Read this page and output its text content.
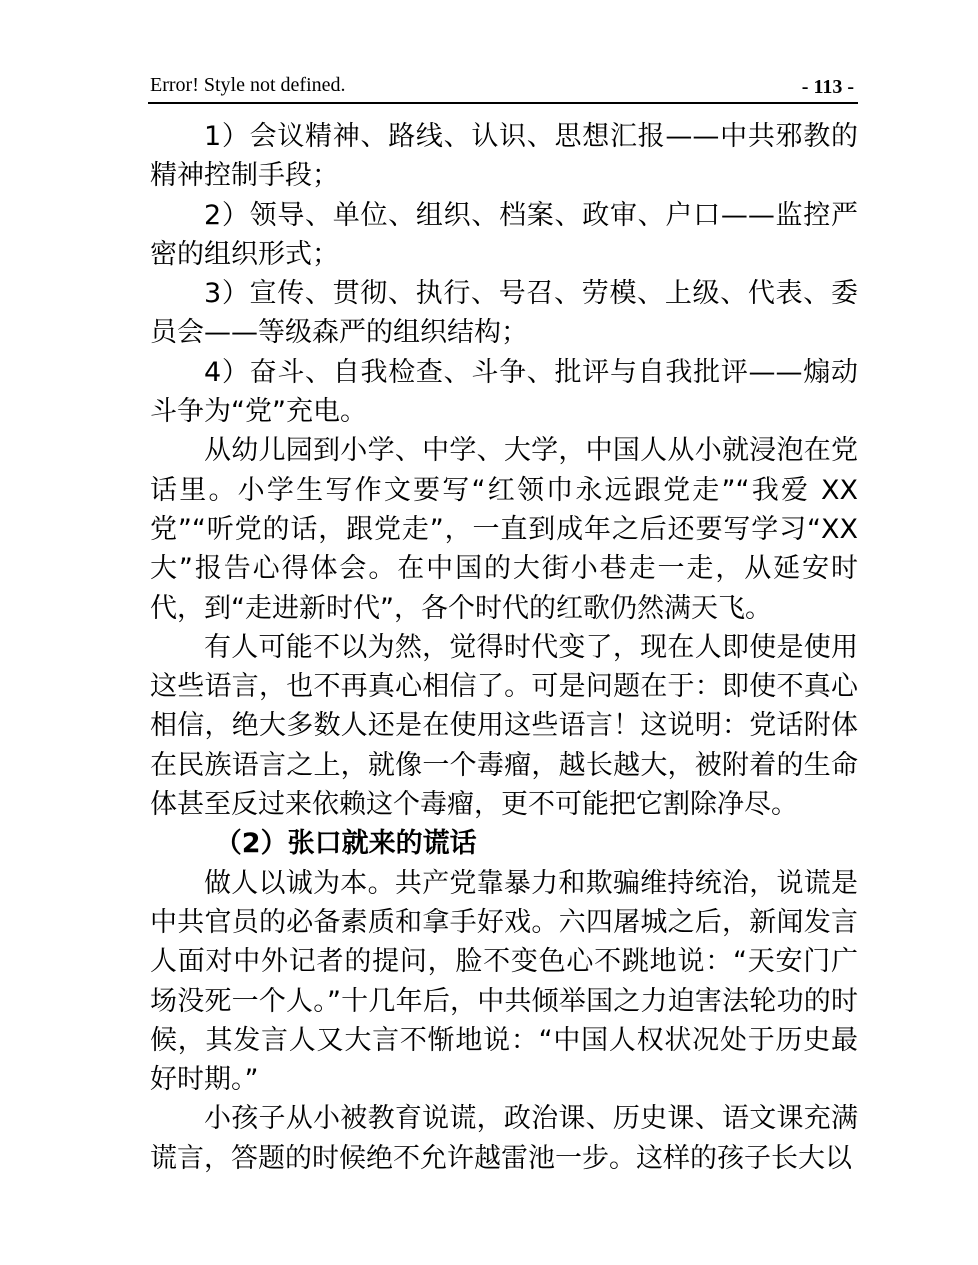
Error! Style not defined.	- 113 -

1）会议精神、路线、认识、思想汇报——中共邪教的精神控制手段；

2）领导、单位、组织、档案、政审、户口——监控严密的组织形式；

3）宣传、贯彻、执行、号召、劳模、上级、代表、委员会——等级森严的组织结构；

4）奋斗、自我检查、斗争、批评与自我批评——煽动斗争为“党”充电。

从幼儿园到小学、中学、大学，中国人从小就浸泡在党话里。小学生写作文要写“红领巾永远跟党走”“我爱 XX 党”“听党的话，跟党走”，一直到成年之后还要写学习“XX 大”报告心得体会。在中国的大街小巷走一走，从延安时代，到“走进新时代”，各个时代的红歌仍然满天飞。

有人可能不以为然，觉得时代变了，现在人即使是使用这些语言，也不再真心相信了。可是问题在于：即使不真心相信，绝大多数人还是在使用这些语言！这说明：党话附体在民族语言之上，就像一个毒瘤，越长越大，被附着的生命体甚至反过来依赖这个毒瘤，更不可能把它割除净尽。

（2）张口就来的谎话

做人以诚为本。共产党靠暴力和欺骗维持统治，说谎是中共官员的必备素质和拿手好戏。六四屠城之后，新闻发言人面对中外记者的提问，脸不变色心不跳地说：“天安门广场没死一个人。”十几年后，中共倾举国之力迫害法轮功的时候，其发言人又大言不惭地说：“中国人权状况处于历史最好时期。”

小孩子从小被教育说谎，政治课、历史课、语文课充满谎言，答题的时候绝不允许越雷池一步。这样的孩子长大以
